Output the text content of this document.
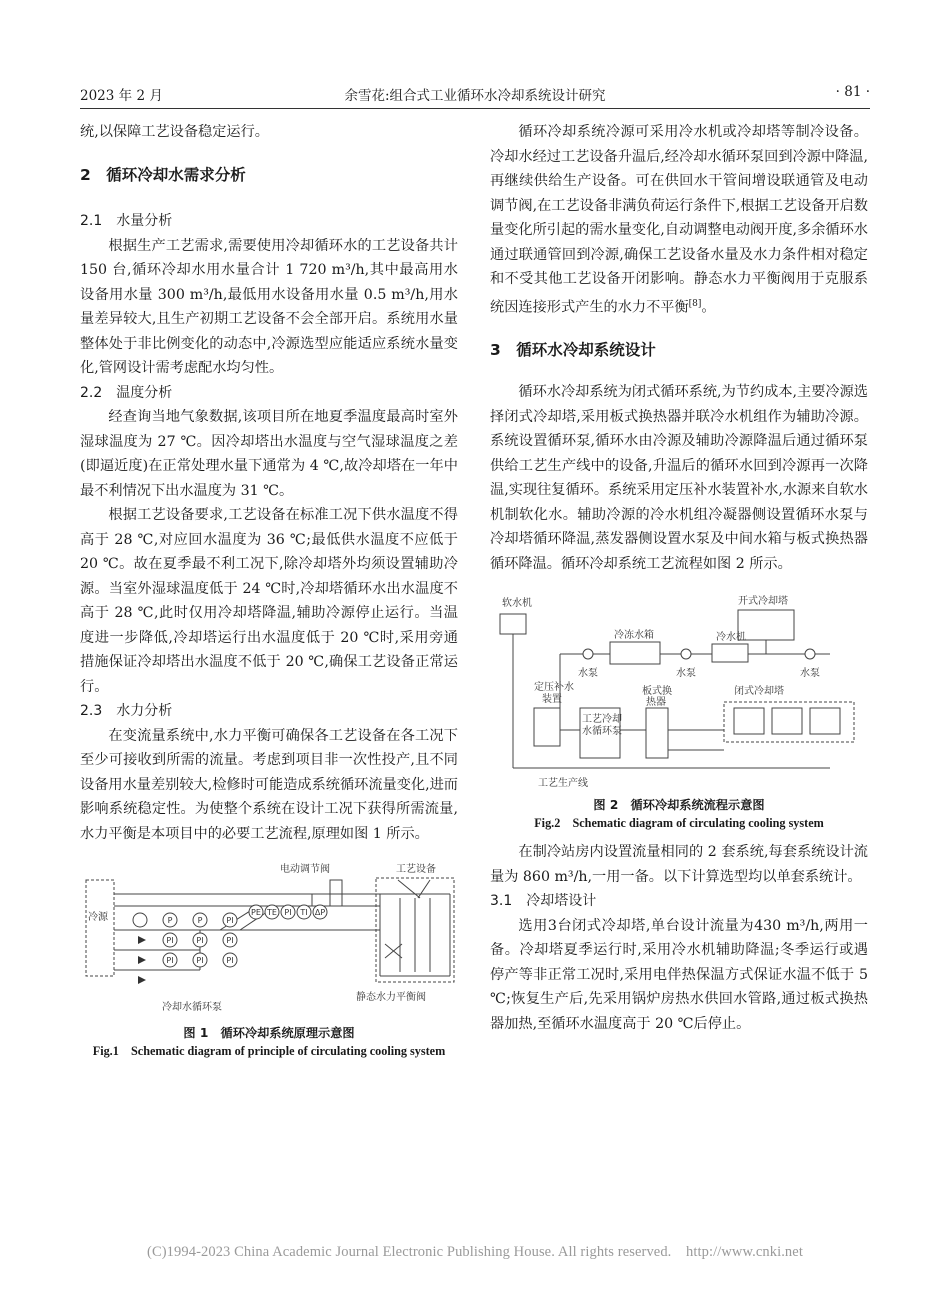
2023 年 2 月	余雪花:组合式工业循环水冷却系统设计研究	· 81 ·

统,以保障工艺设备稳定运行。

2　循环冷却水需求分析

2.1　水量分析

根据生产工艺需求,需要使用冷却循环水的工艺设备共计 150 台,循环冷却水用水量合计 1 720 m³/h,其中最高用水设备用水量 300 m³/h,最低用水设备用水量 0.5 m³/h,用水量差异较大,且生产初期工艺设备不会全部开启。系统用水量整体处于非比例变化的动态中,冷源选型应能适应系统水量变化,管网设计需考虑配水均匀性。

2.2　温度分析

经查询当地气象数据,该项目所在地夏季温度最高时室外湿球温度为 27 ℃。因冷却塔出水温度与空气湿球温度之差(即逼近度)在正常处理水量下通常为 4 ℃,故冷却塔在一年中最不利情况下出水温度为 31 ℃。

根据工艺设备要求,工艺设备在标准工况下供水温度不得高于 28 ℃,对应回水温度为 36 ℃;最低供水温度不应低于 20 ℃。故在夏季最不利工况下,除冷却塔外均须设置辅助冷源。当室外湿球温度低于 24 ℃时,冷却塔循环水出水温度不高于 28 ℃,此时仅用冷却塔降温,辅助冷源停止运行。当温度进一步降低,冷却塔运行出水温度低于 20 ℃时,采用旁通措施保证冷却塔出水温度不低于 20 ℃,确保工艺设备正常运行。

2.3　水力分析

在变流量系统中,水力平衡可确保各工艺设备在各工况下至少可接收到所需的流量。考虑到项目非一次性投产,且不同设备用水量差别较大,检修时可能造成系统循环流量变化,进而影响系统稳定性。为使整个系统在设计工况下获得所需流量,水力平衡是本项目中的必要工艺流程,原理如图 1 所示。

P
PI
PI
P
PI
PI
PI
PI
PI
PE TE PI TI ΔP
电动调节阀	工艺设备
冷源
静态水力平衡阀
冷却水循环泵
图 1　循环冷却系统原理示意图
Fig.1　Schematic diagram of principle of circulating cooling system

循环冷却系统冷源可采用冷水机或冷却塔等制冷设备。冷却水经过工艺设备升温后,经冷却水循环泵回到冷源中降温,再继续供给生产设备。可在供回水干管间增设联通管及电动调节阀,在工艺设备非满负荷运行条件下,根据工艺设备开启数量变化所引起的需水量变化,自动调整电动阀开度,多余循环水通过联通管回到冷源,确保工艺设备水量及水力条件相对稳定和不受其他工艺设备开闭影响。静态水力平衡阀用于克服系统因连接形式产生的水力不平衡[8]。

3　循环水冷却系统设计

循环水冷却系统为闭式循环系统,为节约成本,主要冷源选择闭式冷却塔,采用板式换热器并联冷水机组作为辅助冷源。系统设置循环泵,循环水由冷源及辅助冷源降温后通过循环泵供给工艺生产线中的设备,升温后的循环水回到冷源再一次降温,实现往复循环。系统采用定压补水装置补水,水源来自软水机制软化水。辅助冷源的冷水机组冷凝器侧设置循环水泵与冷却塔循环降温,蒸发器侧设置水泵及中间水箱与板式换热器循环降温。循环冷却系统工艺流程如图 2 所示。

软水机	开式冷却塔
冷冻水箱	冷水机
水泵	水泵	水泵
定压补水
装置
闭式冷却塔
板式换
热器
工艺冷却
水循环泵
工艺生产线
图 2　循环冷却系统流程示意图
Fig.2　Schematic diagram of circulating cooling system

在制冷站房内设置流量相同的 2 套系统,每套系统设计流量为 860 m³/h,一用一备。以下计算选型均以单套系统计。

3.1　冷却塔设计

选用3台闭式冷却塔,单台设计流量为430 m³/h,两用一备。冷却塔夏季运行时,采用冷水机辅助降温;冬季运行或遇停产等非正常工况时,采用电伴热保温方式保证水温不低于 5 ℃;恢复生产后,先采用锅炉房热水供回水管路,通过板式换热器加热,至循环水温度高于 20 ℃后停止。

(C)1994-2023 China Academic Journal Electronic Publishing House. All rights reserved.　http://www.cnki.net
